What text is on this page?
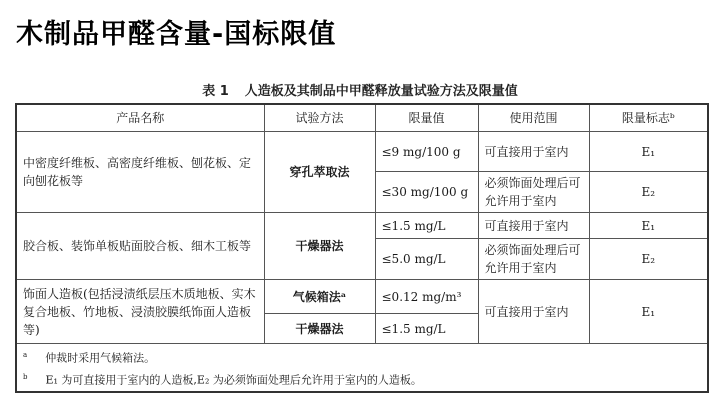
木制品甲醛含量-国标限值
表 1 人造板及其制品中甲醛释放量试验方法及限量值
产品名称	试验方法	限量值	使用范围	限量标志ᵇ
中密度纤维板、高密度纤维板、刨花板、定向刨花板等	穿孔萃取法	≤9 mg/100 g	可直接用于室内	E₁
		≤30 mg/100 g	必须饰面处理后可允许用于室内	E₂
胶合板、装饰单板贴面胶合板、细木工板等	干燥器法	≤1.5 mg/L	可直接用于室内	E₁
		≤5.0 mg/L	必须饰面处理后可允许用于室内	E₂
饰面人造板(包括浸渍纸层压木质地板、实木复合地板、竹地板、浸渍胶膜纸饰面人造板等)	气候箱法ᵃ	≤0.12 mg/m³	可直接用于室内	E₁
	干燥器法	≤1.5 mg/L		

$^a$ 仲裁时采用气候箱法。
$^b$ E₁ 为可直接用于室内的人造板,E₂ 为必须饰面处理后允许用于室内的人造板。				
